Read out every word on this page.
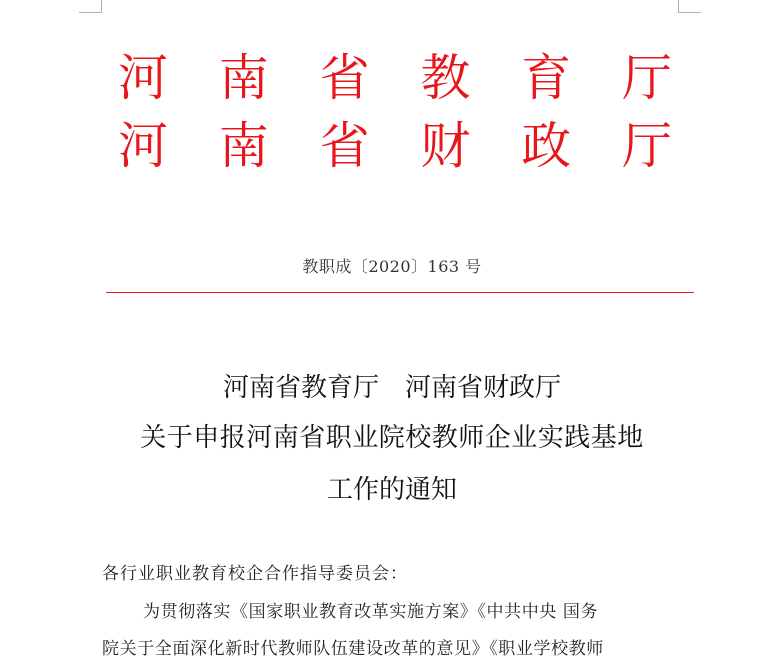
河 南 省 教 育 厅
河 南 省 财 政 厅
教职成〔2020〕163 号
河南省教育厅　河南省财政厅
关于申报河南省职业院校教师企业实践基地
工作的通知
各行业职业教育校企合作指导委员会：
为贯彻落实《国家职业教育改革实施方案》《中共中央 国务
院关于全面深化新时代教师队伍建设改革的意见》《职业学校教师
